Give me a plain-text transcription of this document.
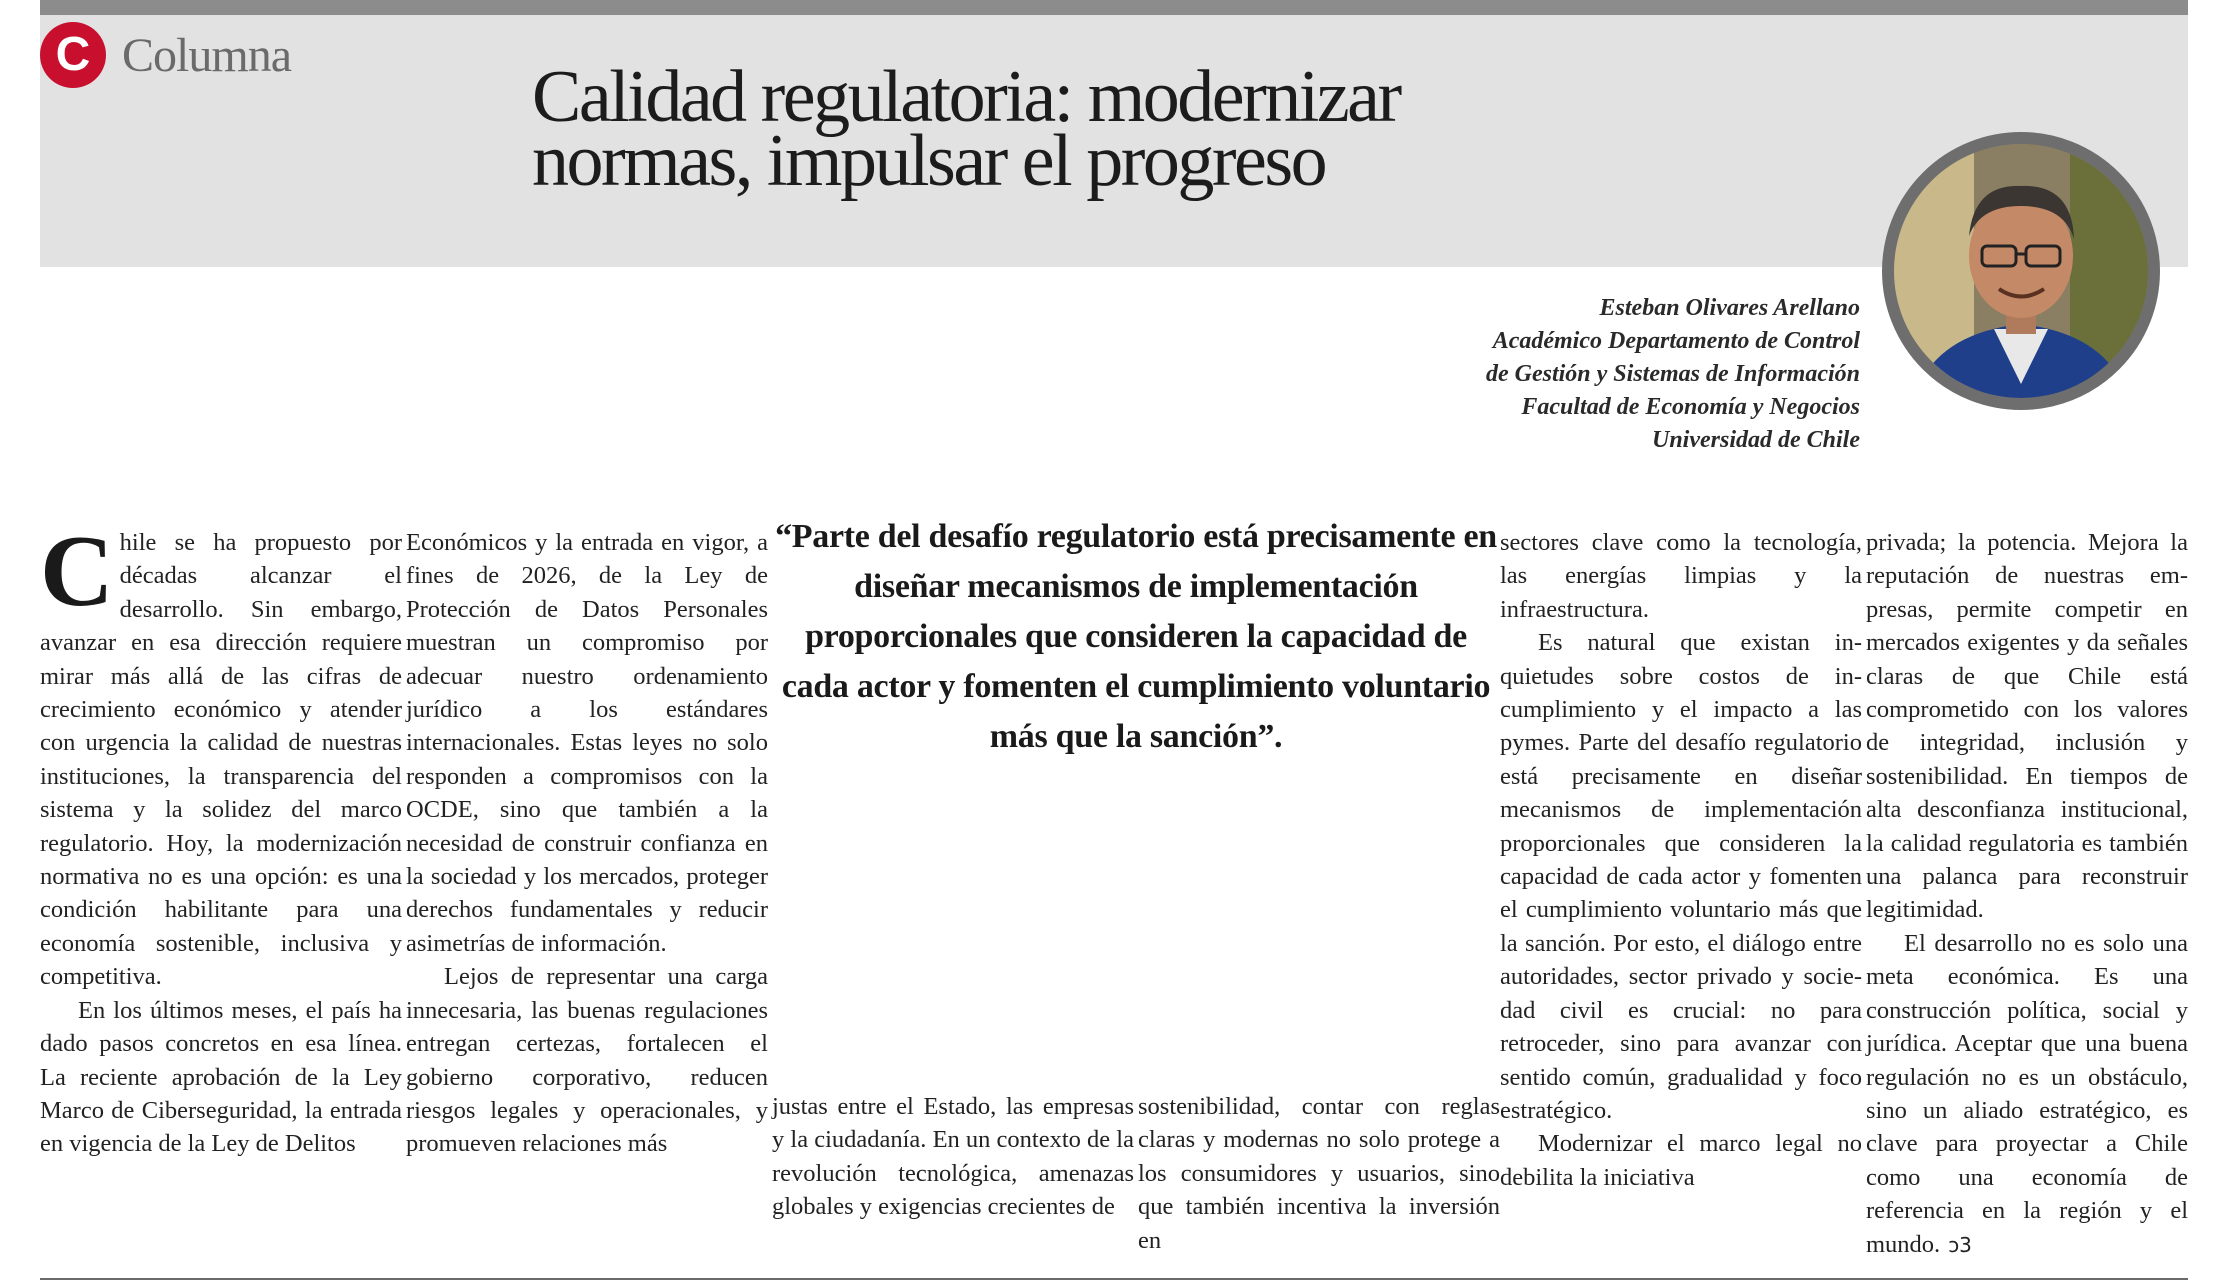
C Columna
Calidad regulatoria: modernizar normas, impulsar el progreso
Esteban Olivares Arellano
Académico Departamento de Control
de Gestión y Sistemas de Información
Facultad de Economía y Negocios
Universidad de Chile

Chile se ha propuesto por décadas alcanzar el desarrollo. Sin embargo, avanzar en esa dirección requiere mirar más allá de las cifras de crecimiento económico y atender con urgencia la calidad de nuestras instituciones, la transparencia del sistema y la solidez del marco regulatorio. Hoy, la modernización normativa no es una opción: es una condición habilitante para una economía sostenible, inclusiva y competitiva.

En los últimos meses, el país ha dado pasos concretos en esa línea. La reciente aprobación de la Ley Marco de Ciberseguridad, la entrada en vigencia de la Ley de Delitos

Económicos y la entrada en vigor, a fines de 2026, de la Ley de Protección de Datos Personales muestran un compromiso por adecuar nuestro ordenamiento jurídico a los estándares internacionales. Estas leyes no solo responden a compromisos con la OCDE, sino que también a la necesidad de construir confianza en la sociedad y los mercados, proteger derechos fundamentales y reducir asimetrías de información.

Lejos de representar una carga innecesaria, las buenas regulaciones entregan certezas, fortalecen el gobierno corporativo, reducen riesgos legales y operacionales, y promueven relaciones más

“Parte del desafío regulatorio está precisamente en diseñar mecanismos de implementación proporcionales que consideren la capacidad de cada actor y fomenten el cumplimiento voluntario más que la sanción”.

justas entre el Estado, las empresas y la ciudadanía. En un contexto de la revolución tecnológica, amenazas globales y exigencias crecientes de

sostenibilidad, contar con reglas claras y modernas no solo protege a los consumidores y usuarios, sino que también incentiva la inversión en

sectores clave como la tecnología, las energías limpias y la infraestructura.

Es natural que existan inquietudes sobre costos de incumplimiento y el impacto a las pymes. Parte del desafío regulatorio está precisamente en diseñar mecanismos de implementación proporcionales que consideren la capacidad de cada actor y fomenten el cumplimiento voluntario más que la sanción. Por esto, el diálogo entre autoridades, sector privado y sociedad civil es crucial: no para retroceder, sino para avanzar con sentido común, gradualidad y foco estratégico.

Modernizar el marco legal no debilita la iniciativa

privada; la potencia. Mejora la reputación de nuestras empresas, permite competir en mercados exigentes y da señales claras de que Chile está comprometido con los valores de integridad, inclusión y sostenibilidad. En tiempos de alta desconfianza institucional, la calidad regulatoria es también una palanca para reconstruir legitimidad.

El desarrollo no es solo una meta económica. Es una construcción política, social y jurídica. Aceptar que una buena regulación no es un obstáculo, sino un aliado estratégico, es clave para proyectar a Chile como una economía de referencia en la región y el mundo. ↄ3
